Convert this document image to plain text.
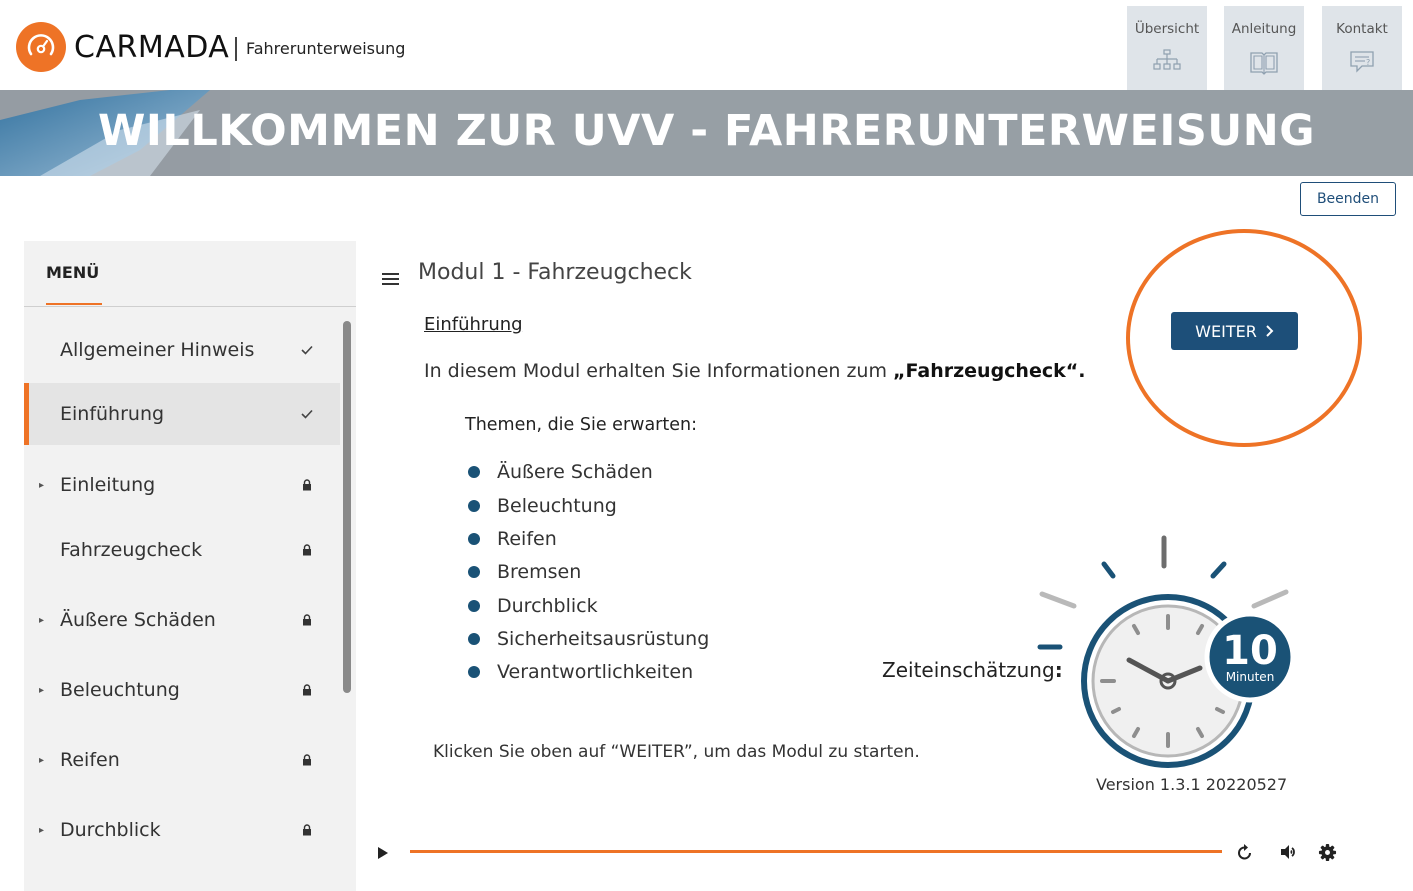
CARMADA Fahrerunterweisung
Übersicht Anleitung	Kontakt
?
WILLKOMMEN ZUR UVV - FAHRERUNTERWEISUNG
Beenden
MENÜ
Allgemeiner Hinweis
Einführung
▸ Einleitung
Fahrzeugcheck
▸ Äußere Schäden
▸ Beleuchtung
▸ Reifen
▸ Durchblick
Modul 1 - Fahrzeugcheck
Einführung
In diesem Modul erhalten Sie Informationen zum „Fahrzeugcheck“.
Themen, die Sie erwarten:
Äußere Schäden
Beleuchtung
Reifen
Bremsen
Durchblick
Sicherheitsausrüstung
Verantwortlichkeiten	Zeiteinschätzung:
Klicken Sie oben auf “WEITER”, um das Modul zu starten.
10
Minuten
Version 1.3.1 20220527
WEITER
